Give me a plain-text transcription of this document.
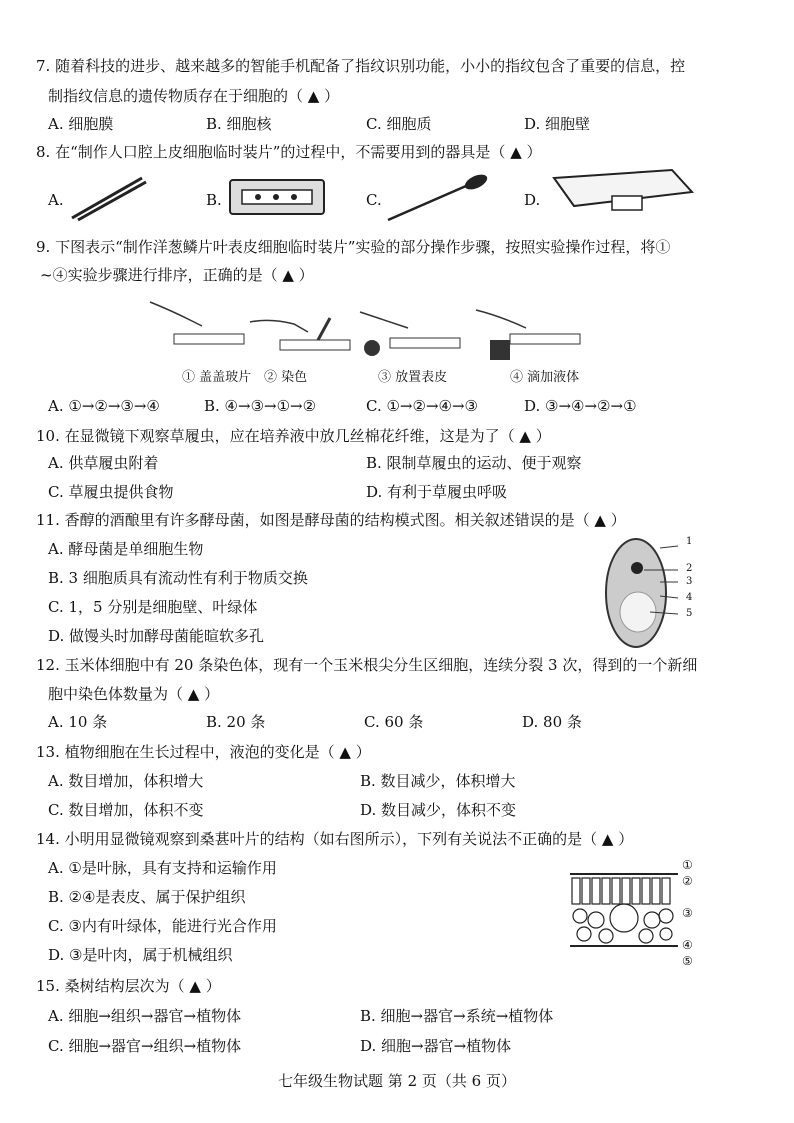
7. 随着科技的进步、越来越多的智能手机配备了指纹识别功能，小小的指纹包含了重要的信息，控
制指纹信息的遗传物质存在于细胞的（ ▲ ）
A. 细胞膜	B. 细胞核	C. 细胞质	D. 细胞壁
8. 在“制作人口腔上皮细胞临时装片”的过程中，不需要用到的器具是（ ▲ ）
A.	B.	C.	D.
9. 下图表示“制作洋葱鳞片叶表皮细胞临时装片”实验的部分操作步骤，按照实验操作过程，将①
~④实验步骤进行排序，正确的是（ ▲ ）
① 盖盖玻片 ② 染色	③ 放置表皮	④ 滴加液体
A. ①→②→③→④	B. ④→③→①→②	C. ①→②→④→③	D. ③→④→②→①
10. 在显微镜下观察草履虫，应在培养液中放几丝棉花纤维，这是为了（ ▲ ）
A. 供草履虫附着	B. 限制草履虫的运动、便于观察
C. 草履虫提供食物	D. 有利于草履虫呼吸
11. 香醇的酒酿里有许多酵母菌，如图是酵母菌的结构模式图。相关叙述错误的是（ ▲ ）
A. 酵母菌是单细胞生物
B. 3 细胞质具有流动性有利于物质交换
C. 1，5 分别是细胞壁、叶绿体
D. 做馒头时加酵母菌能暄软多孔
1
2
3
4
5
12. 玉米体细胞中有 20 条染色体，现有一个玉米根尖分生区细胞，连续分裂 3 次，得到的一个新细
胞中染色体数量为（ ▲ ）
A. 10 条	B. 20 条	C. 60 条	D. 80 条
13. 植物细胞在生长过程中，液泡的变化是（ ▲ ）
A. 数目增加，体积增大	B. 数目减少，体积增大
C. 数目增加，体积不变	D. 数目减少，体积不变
14. 小明用显微镜观察到桑葚叶片的结构（如右图所示），下列有关说法不正确的是（ ▲ ）
A. ①是叶脉，具有支持和运输作用
B. ②④是表皮、属于保护组织
C. ③内有叶绿体，能进行光合作用
D. ③是叶肉，属于机械组织
①
②
③
④
⑤
15. 桑树结构层次为（ ▲ ）
A. 细胞→组织→器官→植物体	B. 细胞→器官→系统→植物体
C. 细胞→器官→组织→植物体	D. 细胞→器官→植物体
七年级生物试题 第 2 页（共 6 页）
